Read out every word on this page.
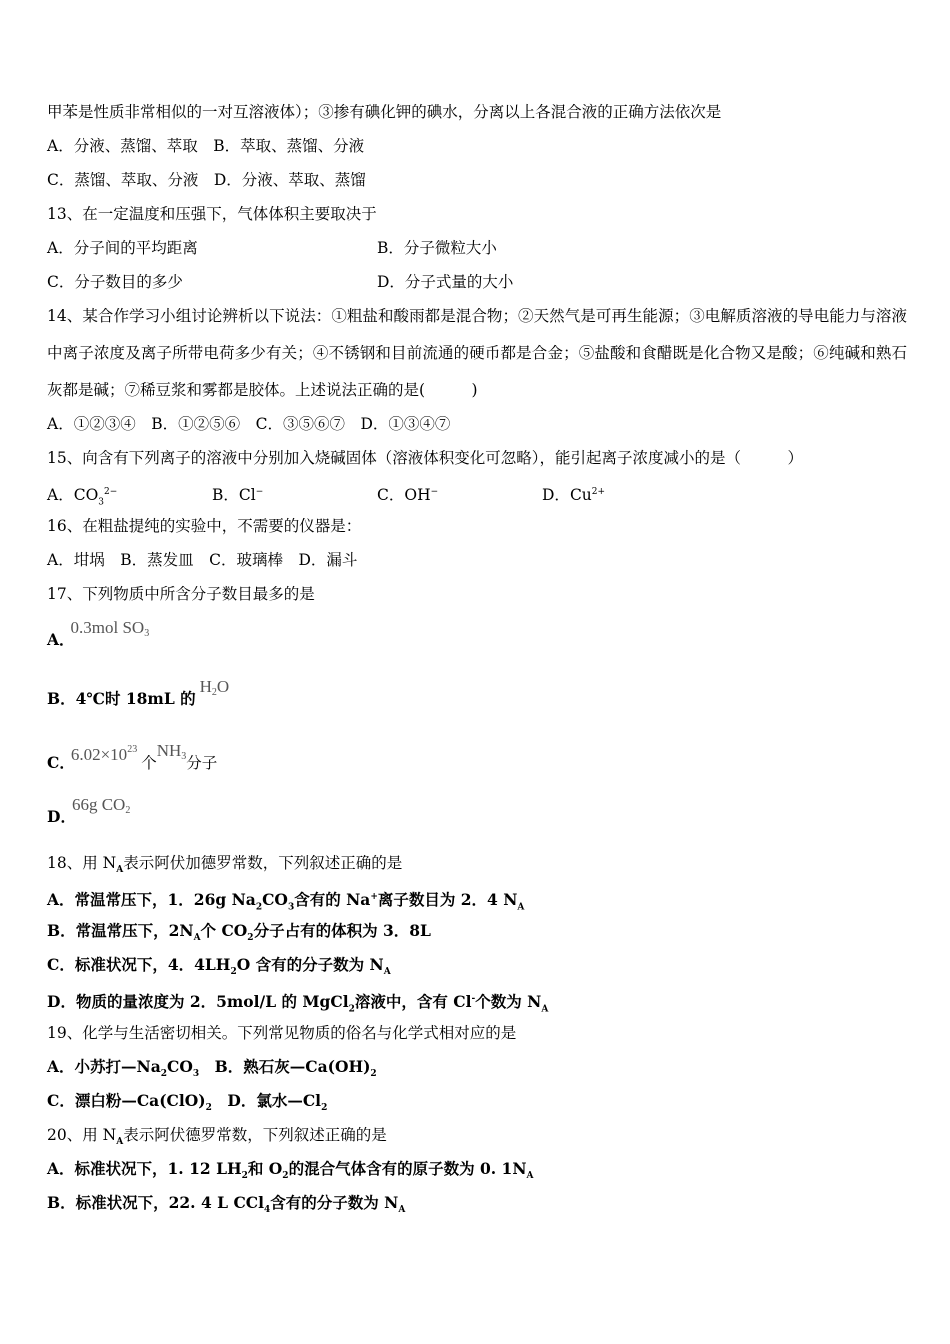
甲苯是性质非常相似的一对互溶液体）；③掺有碘化钾的碘水，分离以上各混合液的正确方法依次是
A．分液、蒸馏、萃取　B．萃取、蒸馏、分液
C．蒸馏、萃取、分液　D．分液、萃取、蒸馏
13、在一定温度和压强下，气体体积主要取决于
A．分子间的平均距离	B．分子微粒大小
C．分子数目的多少	D．分子式量的大小
14、某合作学习小组讨论辨析以下说法：①粗盐和酸雨都是混合物；②天然气是可再生能源；③电解质溶液的导电能力与溶液中离子浓度及离子所带电荷多少有关；④不锈钢和目前流通的硬币都是合金；⑤盐酸和食醋既是化合物又是酸；⑥纯碱和熟石灰都是碱；⑦稀豆浆和雾都是胶体。上述说法正确的是(　　　)
A．①②③④　B．①②⑤⑥　C．③⑤⑥⑦　D．①③④⑦
15、向含有下列离子的溶液中分别加入烧碱固体（溶液体积变化可忽略），能引起离子浓度减小的是（　　　）
A．$CO_3^{2-}$	B．Cl−	C．OH−	D．$Cu^{2+}$
16、在粗盐提纯的实验中，不需要的仪器是：
A．坩埚　B．蒸发皿　C．玻璃棒　D．漏斗
17、下列物质中所含分子数目最多的是
A．0.3mol SO3
B．4℃时 18mL 的H2O
C．$6.02\times 10^{23}$个NH3分子
D．66g CO2
18、用 $N_A$表示阿伏加德罗常数，下列叙述正确的是
A．常温常压下，1．26g $Na_2CO_3$含有的 Na+离子数目为 2．4 $N_A$
B．常温常压下，$2N_A$个 $CO_2$分子占有的体积为 3．8L
C．标准状况下，4．$4LH_2O$ 含有的分子数为 $N_A$
D．物质的量浓度为 2．5mol/L 的 MgCl$_2$溶液中，含有 Cl-个数为 $N_A$
19、化学与生活密切相关。下列常见物质的俗名与化学式相对应的是
A．小苏打$—Na_2CO_3$　B．熟石灰$—Ca(OH)_2$
C．漂白粉$—Ca(ClO)_2$　D．氯水$—Cl_2$
20、用 $N_A$表示阿伏德罗常数，下列叙述正确的是
A．标准状况下，1. 12 $LH_2$和 $O_2$的混合气体含有的原子数为 0. $1N_A$
B．标准状况下，22. 4 L CCl$_4$含有的分子数为 $N_A$
